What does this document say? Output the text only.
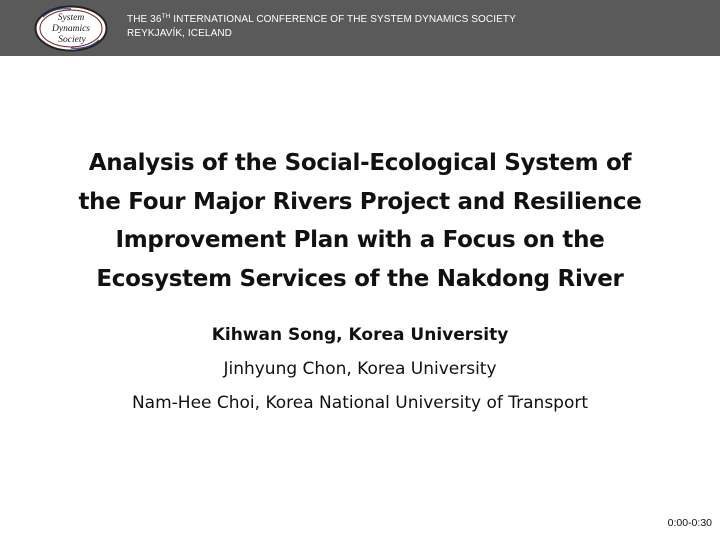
System
Dynamics
Society
THE 36TH INTERNATIONAL CONFERENCE OF THE SYSTEM DYNAMICS SOCIETY
REYKJAVÍK, ICELAND
Analysis of the Social-Ecological System of
the Four Major Rivers Project and Resilience
Improvement Plan with a Focus on the
Ecosystem Services of the Nakdong River
Kihwan Song, Korea University
Jinhyung Chon, Korea University
Nam-Hee Choi, Korea National University of Transport
0:00-0:30
